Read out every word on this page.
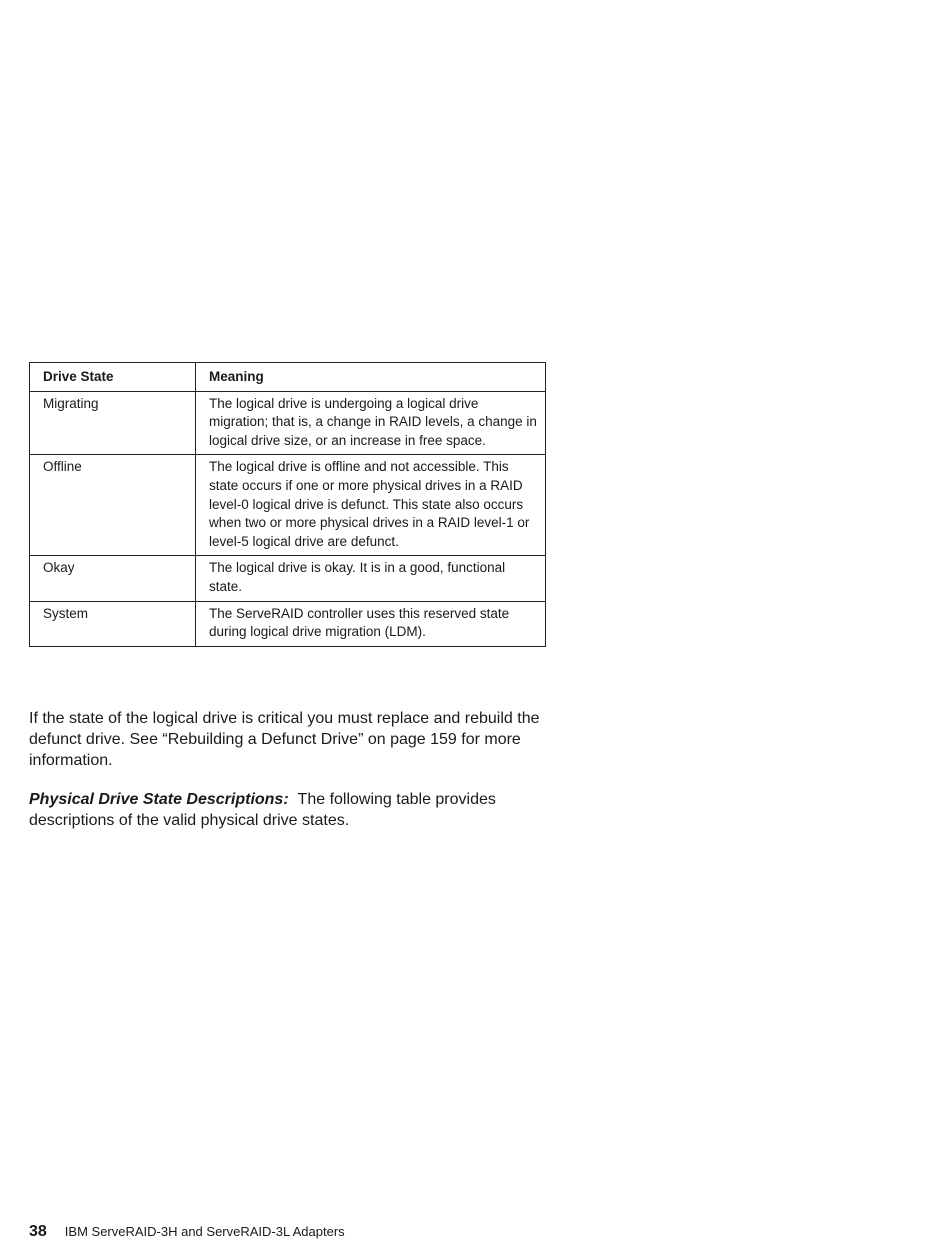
Drive State	Meaning
Migrating	The logical drive is undergoing a logical drive migration; that is, a change in RAID levels, a change in logical drive size, or an increase in free space.
Offline	The logical drive is offline and not accessible. This state occurs if one or more physical drives in a RAID level-0 logical drive is defunct. This state also occurs when two or more physical drives in a RAID level-1 or level-5 logical drive are defunct.
Okay	The logical drive is okay. It is in a good, functional state.
System	The ServeRAID controller uses this reserved state during logical drive migration (LDM).

If the state of the logical drive is critical you must replace and rebuild the defunct drive. See “Rebuilding a Defunct Drive” on page 159 for more information.

Physical Drive State Descriptions: The following table provides descriptions of the valid physical drive states.

38 IBM ServeRAID-3H and ServeRAID-3L Adapters
